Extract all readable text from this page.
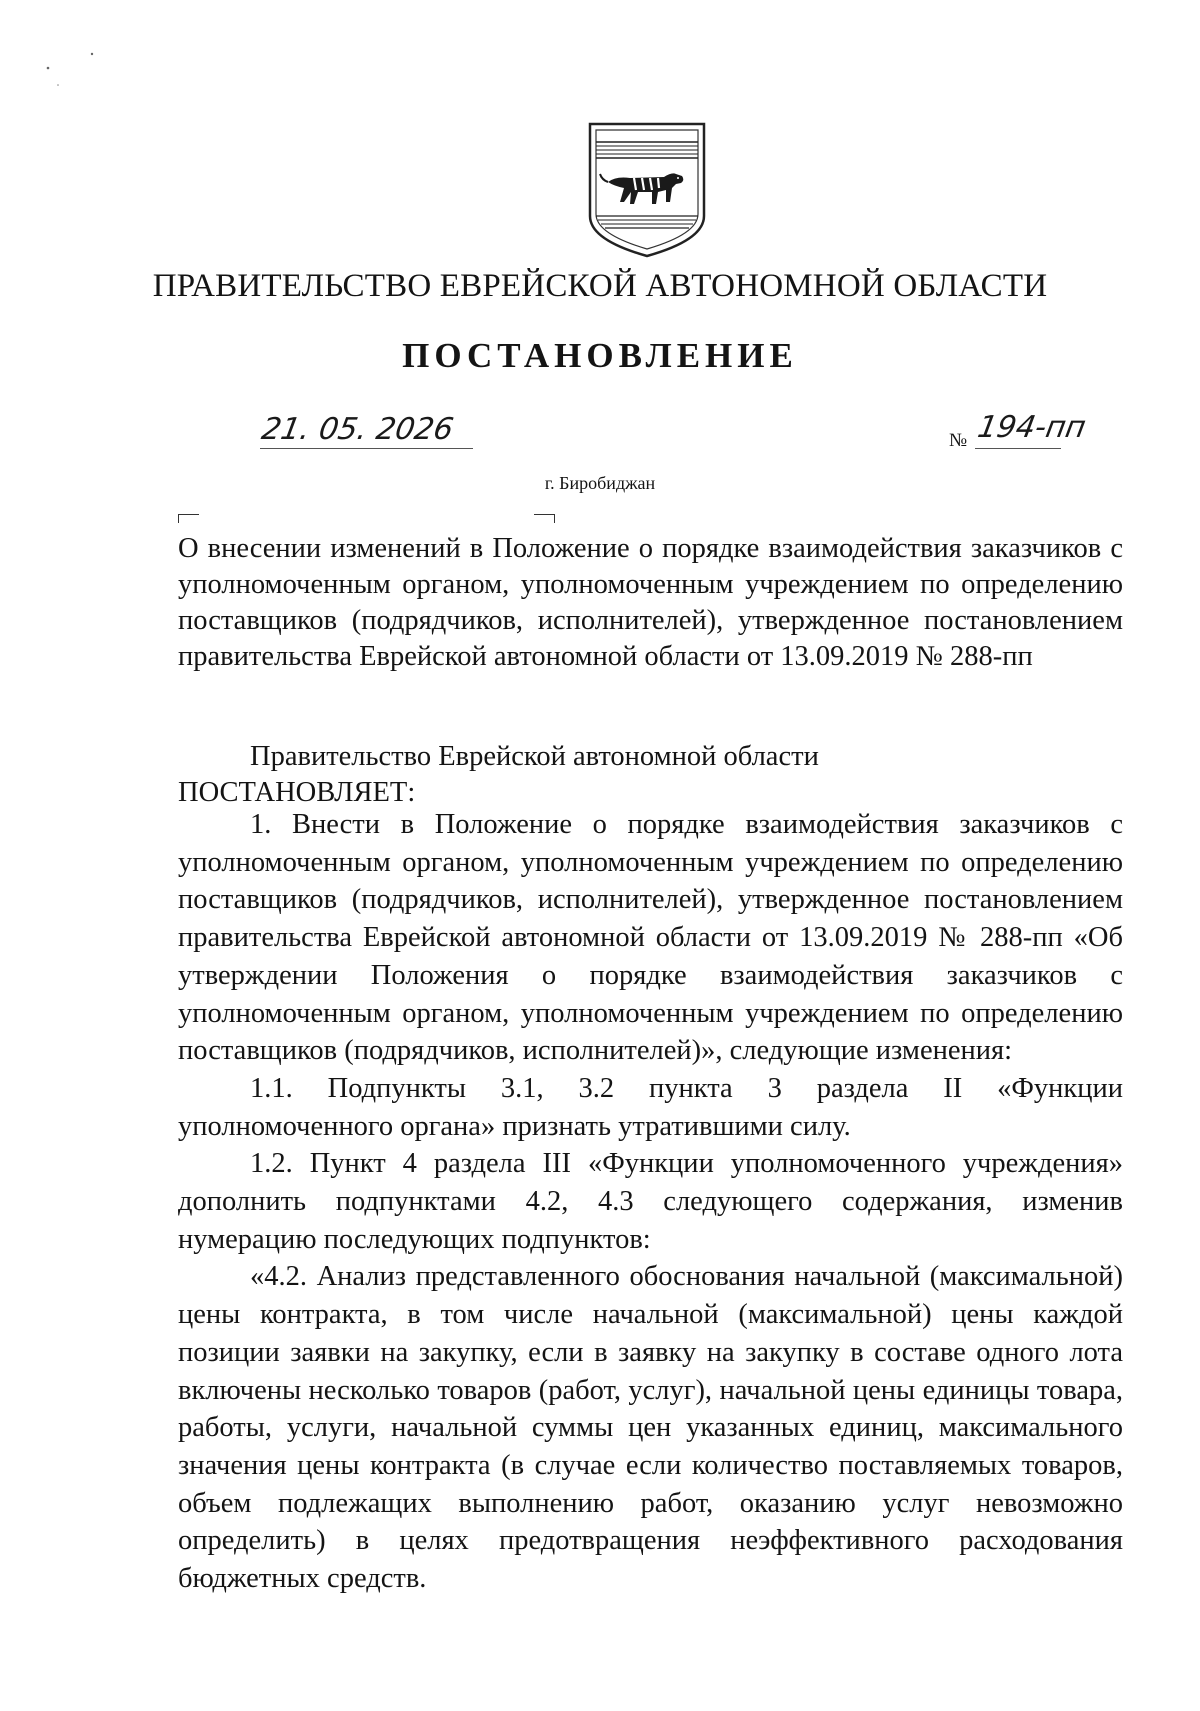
ПРАВИТЕЛЬСТВО ЕВРЕЙСКОЙ АВТОНОМНОЙ ОБЛАСТИ
ПОСТАНОВЛЕНИЕ
21. 05. 2026	№ 194-пп
г. Биробиджан

О внесении изменений в Положение о порядке взаимодействия заказчиков с уполномоченным органом, уполномоченным учреждением по определению поставщиков (подрядчиков, исполнителей), утвержденное постановлением правительства Еврейской автономной области от 13.09.2019 № 288-пп

Правительство Еврейской автономной области
ПОСТАНОВЛЯЕТ:

1. Внести в Положение о порядке взаимодействия заказчиков с уполномоченным органом, уполномоченным учреждением по определению поставщиков (подрядчиков, исполнителей), утвержденное постановлением правительства Еврейской автономной области от 13.09.2019 № 288-пп «Об утверждении Положения о порядке взаимодействия заказчиков с уполномоченным органом, уполномоченным учреждением по определению поставщиков (подрядчиков, исполнителей)», следующие изменения:

1.1. Подпункты 3.1, 3.2 пункта 3 раздела II «Функции уполномоченного органа» признать утратившими силу.

1.2. Пункт 4 раздела III «Функции уполномоченного учреждения» дополнить подпунктами 4.2, 4.3 следующего содержания, изменив нумерацию последующих подпунктов:

«4.2. Анализ представленного обоснования начальной (максимальной) цены контракта, в том числе начальной (максимальной) цены каждой позиции заявки на закупку, если в заявку на закупку в составе одного лота включены несколько товаров (работ, услуг), начальной цены единицы товара, работы, услуги, начальной суммы цен указанных единиц, максимального значения цены контракта (в случае если количество поставляемых товаров, объем подлежащих выполнению работ, оказанию услуг невозможно определить) в целях предотвращения неэффективного расходования бюджетных средств.
